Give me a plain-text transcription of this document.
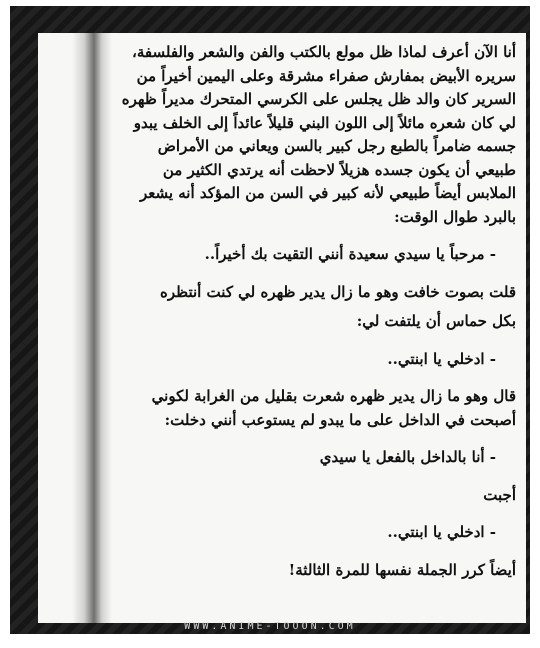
أنا الآن أعرف لماذا ظل مولع بالكتب والفن والشعر والفلسفة،
سريره الأبيض بمفارش صفراء مشرقة وعلى اليمين أخيراً من
السرير كان والد ظل يجلس على الكرسي المتحرك مديراً ظهره
لي كان شعره مائلاً إلى اللون البني قليلاً عائداً إلى الخلف يبدو
جسمه ضامراً بالطبع رجل كبير بالسن ويعاني من الأمراض
طبيعي أن يكون جسده هزيلاً لاحظت أنه يرتدي الكثير من
الملابس أيضاً طبيعي لأنه كبير في السن من المؤكد أنه يشعر
بالبرد طوال الوقت:
- مرحباً يا سيدي سعيدة أنني التقيت بك أخيراً..
قلت بصوت خافت وهو ما زال يدير ظهره لي كنت أنتظره
بكل حماس أن يلتفت لي:
- ادخلي يا ابنتي..
قال وهو ما زال يدير ظهره شعرت بقليل من الغرابة لكوني
أصبحت في الداخل على ما يبدو لم يستوعب أنني دخلت:
- أنا بالداخل بالفعل يا سيدي
أجبت
- ادخلي يا ابنتي..
أيضاً كرر الجملة نفسها للمرة الثالثة!
WWW.ANIME-TOOON.COM
